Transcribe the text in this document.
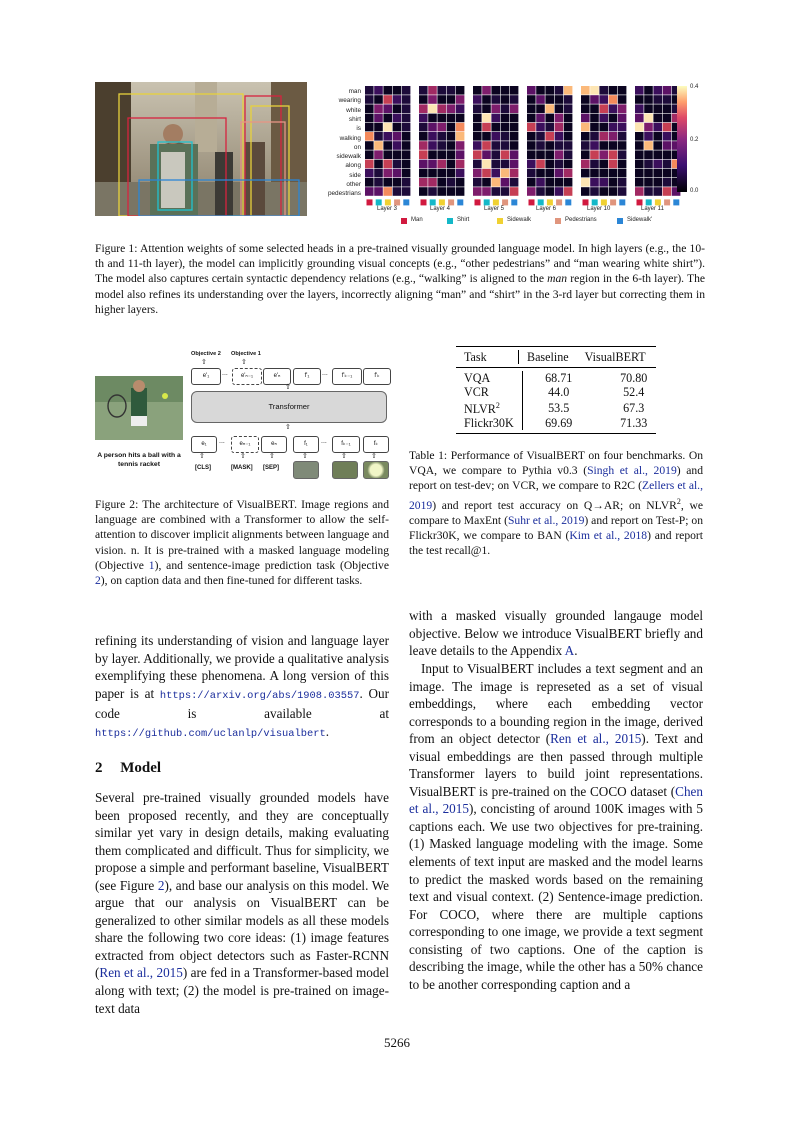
man
wearing
white
shirt
is
walking
on
sidewalk
along
side
other
pedestrians
Layer 3	Layer 4	Layer 5	Layer 6	Layer 10	Layer 11
0.4
0.2
0.0
Man	Shirt	Sidewalk	Pedestrians	Sidewalk'
Figure 1: Attention weights of some selected heads in a pre-trained visually grounded language model. In high layers (e.g., the 10-th and 11-th layer), the model can implicitly grounding visual concepts (e.g., “other pedestrians” and “man wearing white shirt”). The model also captures certain syntactic dependency relations (e.g., “walking” is aligned to the man region in the 6-th layer). The model also refines its understanding over the layers, incorrectly aligning “man” and “shirt” in the 3-rd layer but correcting them in higher layers.
A person hits a ball with a tennis racket
Objective 2 Objective 1
⇧	⇧
e'₁	...	e'ₙ₋₁	e'ₙ	f'₁	...	f'ₖ₋₁	f'ₖ
⇧
Transformer
⇧
e₁	...	eₙ₋₁	eₙ	f₁	...	fₖ₋₁	fₖ
⇧	⇧	⇧
[CLS]	[MASK] [SEP]
⇧	⇧	⇧
Figure 2: The architecture of VisualBERT. Image regions and language are combined with a Transformer to allow the self-attention to discover implicit alignments between language and vision. n. It is pre-trained with a masked language modeling (Objective 1), and sentence-image prediction task (Objective 2), on caption data and then fine-tuned for different tasks.
Task	Baseline	VisualBERT
VQA	68.71	70.80
VCR	44.0	52.4
NLVR$^2$	53.5	67.3
Flickr30K	69.69	71.33
Table 1: Performance of VisualBERT on four benchmarks. On VQA, we compare to Pythia v0.3 (Singh et al., 2019) and report on test-dev; on VCR, we compare to R2C (Zellers et al., 2019) and report test accuracy on Q→AR; on NLVR$^2$, we compare to MaxEnt (Suhr et al., 2019) and report on Test-P; on Flickr30K, we compare to BAN (Kim et al., 2018) and report the test recall@1.
refining its understanding of vision and language layer by layer. Additionally, we provide a qualitative analysis exemplifying these phenomena. A long version of this paper is at https://arxiv.org/abs/1908.03557. Our code is available at https://github.com/uclanlp/visualbert.
2 Model
Several pre-trained visually grounded models have been proposed recently, and they are conceptually similar yet vary in design details, making evaluating them complicated and difficult. Thus for simplicity, we propose a simple and performant baseline, VisualBERT (see Figure 2), and base our analysis on this model. We argue that our analysis on VisualBERT can be generalized to other similar models as all these models share the following two core ideas: (1) image features extracted from object detectors such as Faster-RCNN (Ren et al., 2015) are fed in a Transformer-based model along with text; (2) the model is pre-trained on image-text data
with a masked visually grounded langauge model objective. Below we introduce VisualBERT briefly and leave details to the Appendix A.
Input to VisualBERT includes a text segment and an image. The image is represeted as a set of visual embeddings, where each embedding vector corresponds to a bounding region in the image, derived from an object detector (Ren et al., 2015). Text and visual embeddings are then passed through multiple Transformer layers to build joint representations. VisualBERT is pre-trained on the COCO dataset (Chen et al., 2015), concisting of around 100K images with 5 captions each. We use two objectives for pre-training. (1) Masked language modeling with the image. Some elements of text input are masked and the model learns to predict the masked words based on the remaining text and visual context. (2) Sentence-image prediction. For COCO, where there are multiple captions corresponding to one image, we provide a text segment consisting of two captions. One of the caption is describing the image, while the other has a 50% chance to be another corresponding caption and a
5266
